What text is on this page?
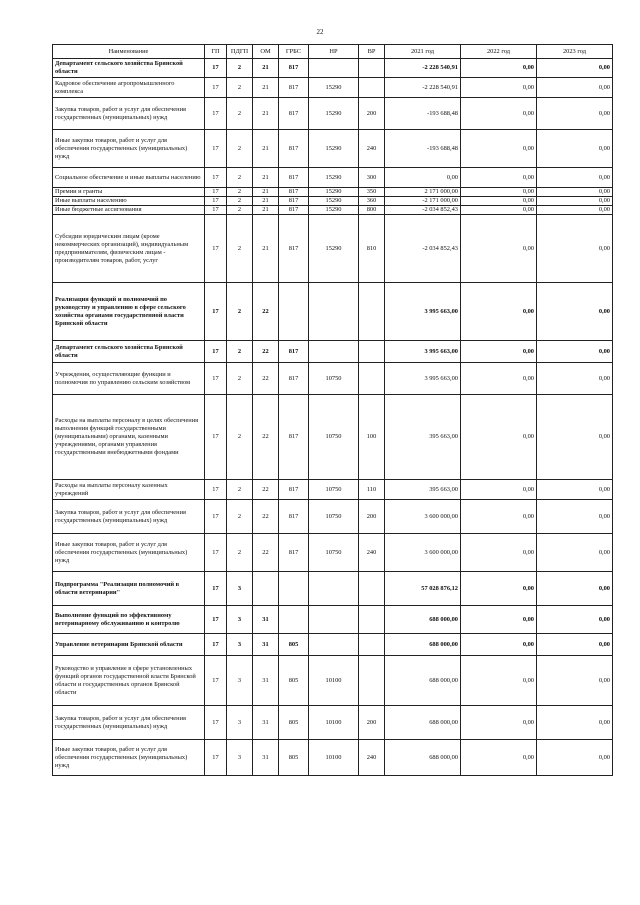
22
Наименование	ГП	ПДГП	ОМ	ГРБС	НР	ВР	2021 год	2022 год	2023 год
Департамент сельского хозяйства Брянской области	17	2	21	817			-2 228 540,91	0,00	0,00
Кадровое обеспечение агропромышленного комплекса	17	2	21	817	15290		-2 228 540,91	0,00	0,00
Закупка товаров, работ и услуг для обеспечения государственных (муниципальных) нужд	17	2	21	817	15290	200	-193 688,48	0,00	0,00
Иные закупки товаров, работ и услуг для обеспечения государственных (муниципальных) нужд	17	2	21	817	15290	240	-193 688,48	0,00	0,00
Социальное обеспечение и иные выплаты населению	17	2	21	817	15290	300	0,00	0,00	0,00
Премии и гранты	17	2	21	817	15290	350	2 171 000,00	0,00	0,00
Иные выплаты населению	17	2	21	817	15290	360	-2 171 000,00	0,00	0,00
Иные бюджетные ассигнования	17	2	21	817	15290	800	-2 034 852,43	0,00	0,00
Субсидии юридическим лицам (кроме некоммерческих организаций), индивидуальным предпринимателям, физическим лицам - производителям товаров, работ, услуг	17	2	21	817	15290	810	-2 034 852,43	0,00	0,00
Реализация функций и полномочий по руководству и управлению в сфере сельского хозяйства органами государственной власти Брянской области	17	2	22				3 995 663,00	0,00	0,00
Департамент сельского хозяйства Брянской области	17	2	22	817			3 995 663,00	0,00	0,00
Учреждения, осуществляющие функции и полномочия по управлению сельским хозяйством	17	2	22	817	10750		3 995 663,00	0,00	0,00
Расходы на выплаты персоналу в целях обеспечения выполнения функций государственными (муниципальными) органами, казенными учреждениями, органами управления государственными внебюджетными фондами	17	2	22	817	10750	100	395 663,00	0,00	0,00
Расходы на выплаты персоналу казенных учреждений	17	2	22	817	10750	110	395 663,00	0,00	0,00
Закупка товаров, работ и услуг для обеспечения государственных (муниципальных) нужд	17	2	22	817	10750	200	3 600 000,00	0,00	0,00
Иные закупки товаров, работ и услуг для обеспечения государственных (муниципальных) нужд	17	2	22	817	10750	240	3 600 000,00	0,00	0,00
Подпрограмма "Реализация полномочий в области ветеринарии"	17	3					57 028 876,12	0,00	0,00
Выполнение функций по эффективному ветеринарному обслуживанию и контролю	17	3	31				688 000,00	0,00	0,00
Управление ветеринарии Брянской области	17	3	31	805			688 000,00	0,00	0,00
Руководство и управление в сфере установленных функций органов государственной власти Брянской области и государственных органов Брянской области	17	3	31	805	10100		688 000,00	0,00	0,00
Закупка товаров, работ и услуг для обеспечения государственных (муниципальных) нужд	17	3	31	805	10100	200	688 000,00	0,00	0,00
Иные закупки товаров, работ и услуг для обеспечения государственных (муниципальных) нужд	17	3	31	805	10100	240	688 000,00	0,00	0,00
